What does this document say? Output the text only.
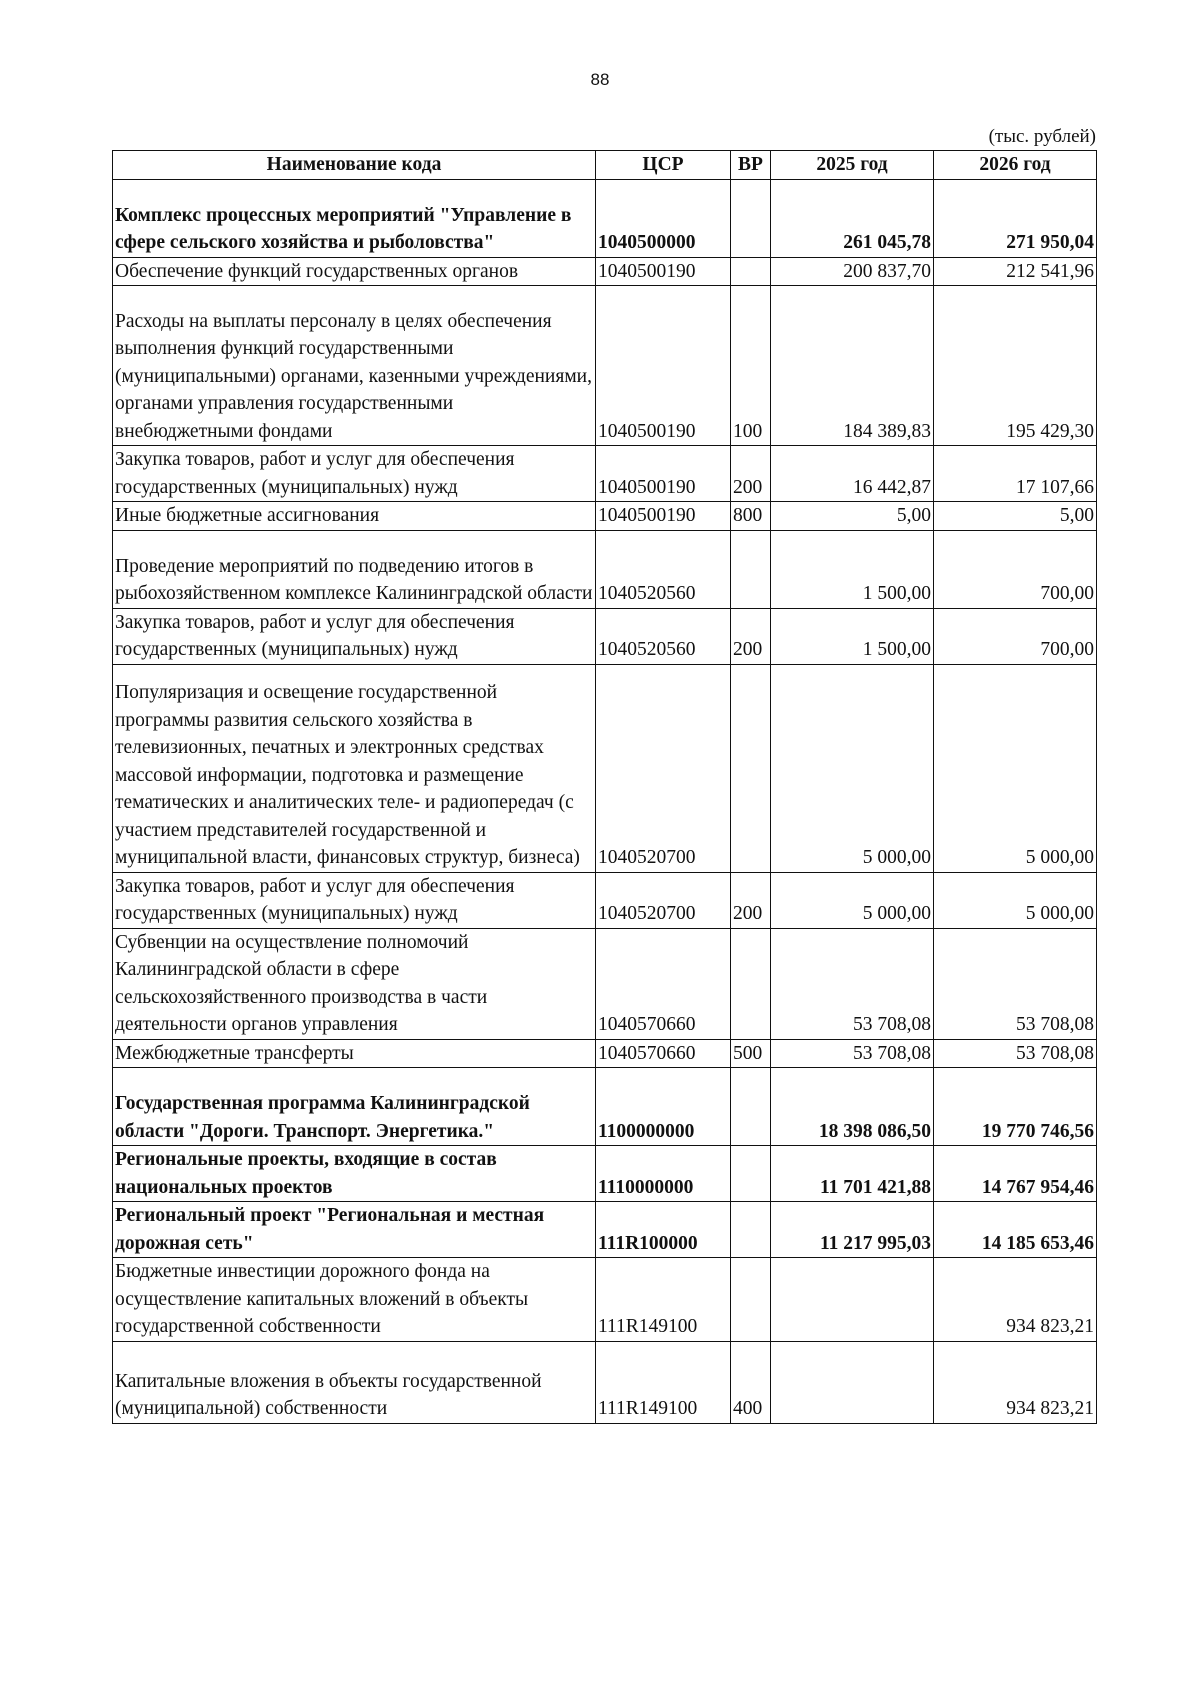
88
(тыс. рублей)
Наименование кода	ЦСР	ВР	2025 год	2026 год
Комплекс процессных мероприятий "Управление в сфере сельского хозяйства и рыболовства"	1040500000		261 045,78	271 950,04
Обеспечение функций государственных органов	1040500190		200 837,70	212 541,96
Расходы на выплаты персоналу в целях обеспечения выполнения функций государственными (муниципальными) органами, казенными учреждениями, органами управления государственными внебюджетными фондами	1040500190	100	184 389,83	195 429,30
Закупка товаров, работ и услуг для обеспечения государственных (муниципальных) нужд	1040500190	200	16 442,87	17 107,66
Иные бюджетные ассигнования	1040500190	800	5,00	5,00
Проведение мероприятий по подведению итогов в рыбохозяйственном комплексе Калининградской области	1040520560		1 500,00	700,00
Закупка товаров, работ и услуг для обеспечения государственных (муниципальных) нужд	1040520560	200	1 500,00	700,00
Популяризация и освещение государственной программы развития сельского хозяйства в телевизионных, печатных и электронных средствах массовой информации, подготовка и размещение тематических и аналитических теле- и радиопередач (с участием представителей государственной и муниципальной власти, финансовых структур, бизнеса)	1040520700		5 000,00	5 000,00
Закупка товаров, работ и услуг для обеспечения государственных (муниципальных) нужд	1040520700	200	5 000,00	5 000,00
Субвенции на осуществление полномочий Калининградской области в сфере сельскохозяйственного производства в части деятельности органов управления	1040570660		53 708,08	53 708,08
Межбюджетные трансферты	1040570660	500	53 708,08	53 708,08
Государственная программа Калининградской области "Дороги. Транспорт. Энергетика."	1100000000		18 398 086,50	19 770 746,56
Региональные проекты, входящие в состав национальных проектов	1110000000		11 701 421,88	14 767 954,46
Региональный проект "Региональная и местная дорожная сеть"	111R100000		11 217 995,03	14 185 653,46
Бюджетные инвестиции дорожного фонда на осуществление капитальных вложений в объекты государственной собственности	111R149100			934 823,21
Капитальные вложения в объекты государственной (муниципальной) собственности	111R149100	400		934 823,21
